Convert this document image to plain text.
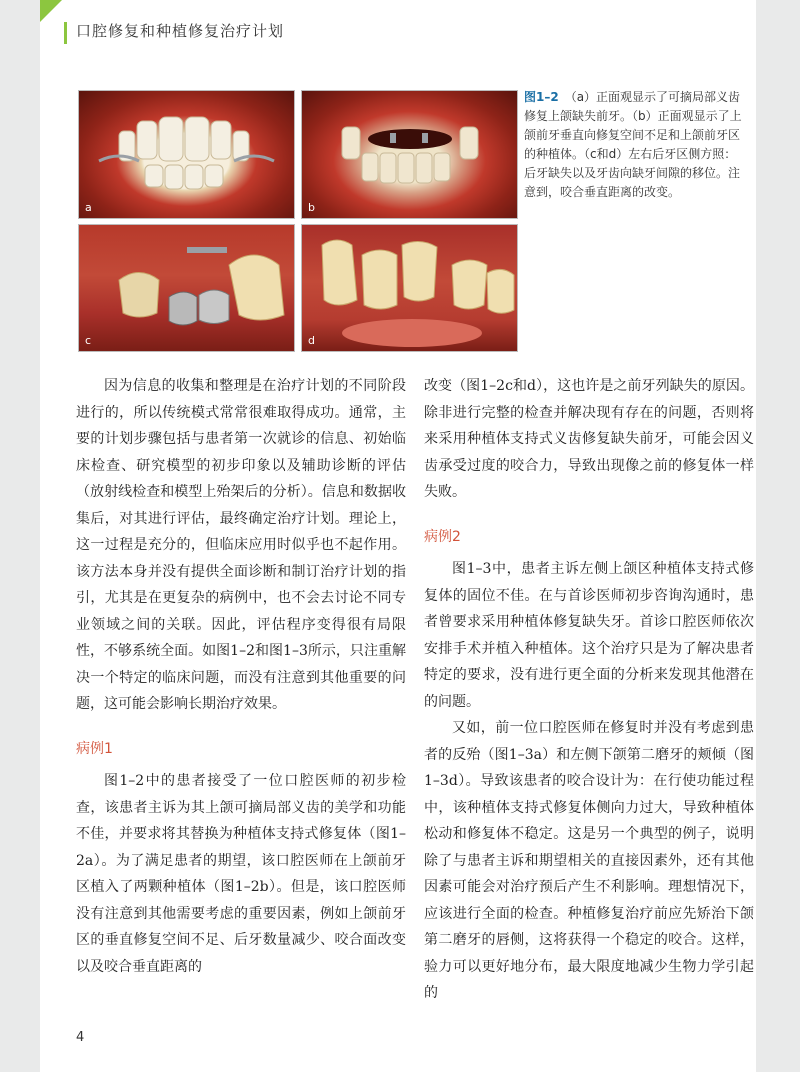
口腔修复和种植修复治疗计划
a	b
c	d
图1–2 （a）正面观显示了可摘局部义齿修复上颌缺失前牙。（b）正面观显示了上颌前牙垂直向修复空间不足和上颌前牙区的种植体。（c和d）左右后牙区侧方照：后牙缺失以及牙齿向缺牙间隙的移位。注意到，咬合垂直距离的改变。

因为信息的收集和整理是在治疗计划的不同阶段进行的，所以传统模式常常很难取得成功。通常，主要的计划步骤包括与患者第一次就诊的信息、初始临床检查、研究模型的初步印象以及辅助诊断的评估（放射线检查和模型上殆架后的分析）。信息和数据收集后，对其进行评估，最终确定治疗计划。理论上，这一过程是充分的，但临床应用时似乎也不起作用。该方法本身并没有提供全面诊断和制订治疗计划的指引，尤其是在更复杂的病例中，也不会去讨论不同专业领域之间的关联。因此，评估程序变得很有局限性，不够系统全面。如图1–2和图1–3所示，只注重解决一个特定的临床问题，而没有注意到其他重要的问题，这可能会影响长期治疗效果。

病例1

图1–2中的患者接受了一位口腔医师的初步检查，该患者主诉为其上颌可摘局部义齿的美学和功能不佳，并要求将其替换为种植体支持式修复体（图1–2a）。为了满足患者的期望，该口腔医师在上颌前牙区植入了两颗种植体（图1–2b）。但是，该口腔医师没有注意到其他需要考虑的重要因素，例如上颌前牙区的垂直修复空间不足、后牙数量减少、咬合面改变以及咬合垂直距离的

改变（图1–2c和d），这也许是之前牙列缺失的原因。除非进行完整的检查并解决现有存在的问题，否则将来采用种植体支持式义齿修复缺失前牙，可能会因义齿承受过度的咬合力，导致出现像之前的修复体一样失败。

病例2

图1–3中，患者主诉左侧上颌区种植体支持式修复体的固位不佳。在与首诊医师初步咨询沟通时，患者曾要求采用种植体修复缺失牙。首诊口腔医师依次安排手术并植入种植体。这个治疗只是为了解决患者特定的要求，没有进行更全面的分析来发现其他潜在的问题。

又如，前一位口腔医师在修复时并没有考虑到患者的反殆（图1–3a）和左侧下颌第二磨牙的颊倾（图1–3d）。导致该患者的咬合设计为：在行使功能过程中，该种植体支持式修复体侧向力过大，导致种植体松动和修复体不稳定。这是另一个典型的例子，说明除了与患者主诉和期望相关的直接因素外，还有其他因素可能会对治疗预后产生不利影响。理想情况下，应该进行全面的检查。种植修复治疗前应先矫治下颌第二磨牙的唇侧，这将获得一个稳定的咬合。这样，验力可以更好地分布，最大限度地减少生物力学引起的

4
